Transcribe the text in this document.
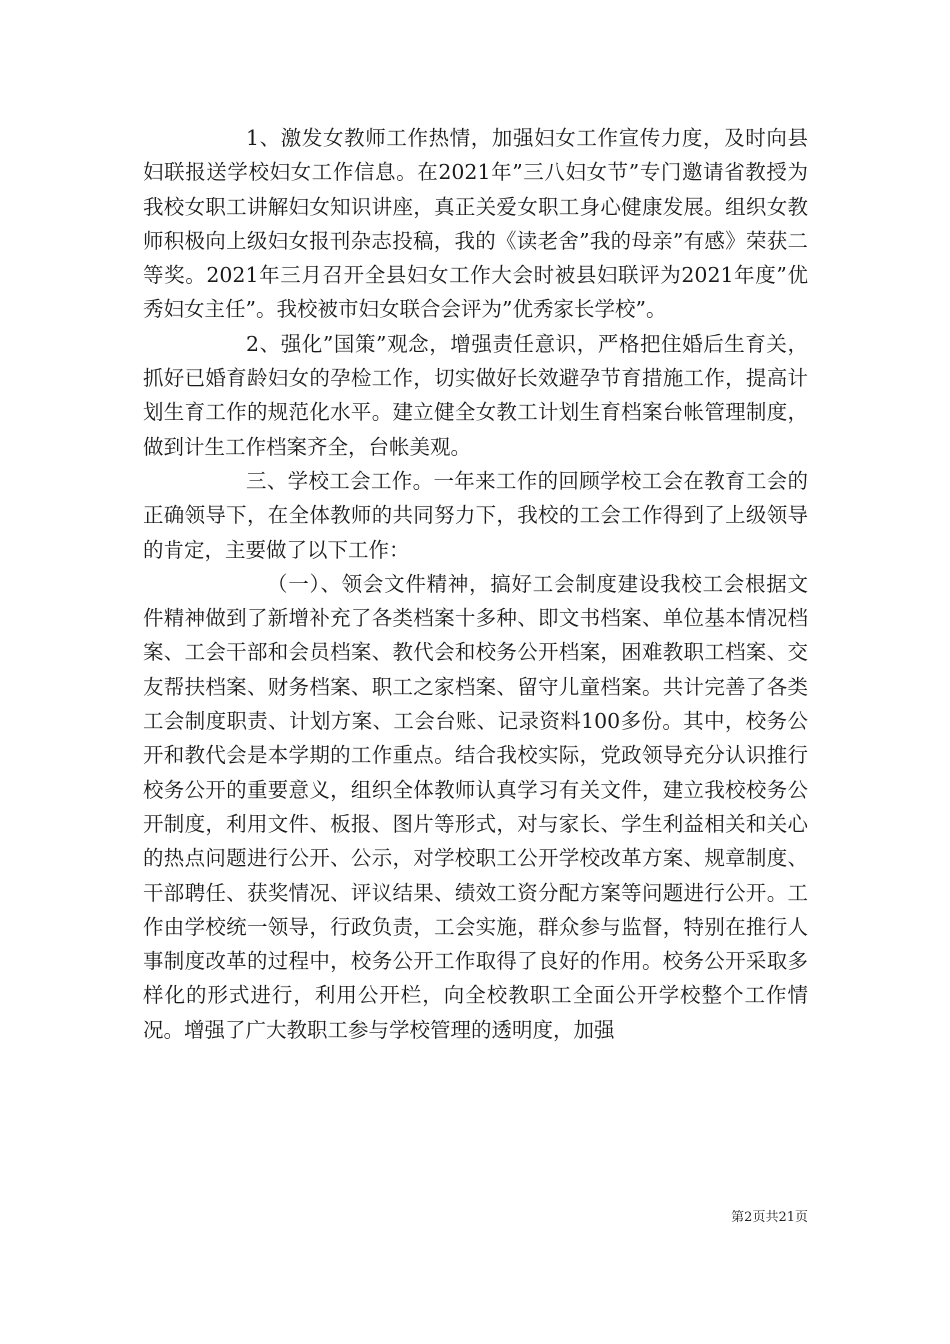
1、激发女教师工作热情，加强妇女工作宣传力度，及时向县妇联报送学校妇女工作信息。在2021年”三八妇女节”专门邀请省教授为我校女职工讲解妇女知识讲座，真正关爱女职工身心健康发展。组织女教师积极向上级妇女报刊杂志投稿，我的《读老舍”我的母亲”有感》荣获二等奖。2021年三月召开全县妇女工作大会时被县妇联评为2021年度”优秀妇女主任”。我校被市妇女联合会评为”优秀家长学校”。

2、强化”国策”观念，增强责任意识，严格把住婚后生育关，抓好已婚育龄妇女的孕检工作，切实做好长效避孕节育措施工作，提高计划生育工作的规范化水平。建立健全女教工计划生育档案台帐管理制度，做到计生工作档案齐全，台帐美观。

三、学校工会工作。一年来工作的回顾学校工会在教育工会的正确领导下，在全体教师的共同努力下，我校的工会工作得到了上级领导的肯定，主要做了以下工作：

（一）、领会文件精神，搞好工会制度建设我校工会根据文件精神做到了新增补充了各类档案十多种、即文书档案、单位基本情况档案、工会干部和会员档案、教代会和校务公开档案，困难教职工档案、交友帮扶档案、财务档案、职工之家档案、留守儿童档案。共计完善了各类工会制度职责、计划方案、工会台账、记录资料100多份。其中，校务公开和教代会是本学期的工作重点。结合我校实际，党政领导充分认识推行校务公开的重要意义，组织全体教师认真学习有关文件，建立我校校务公开制度，利用文件、板报、图片等形式，对与家长、学生利益相关和关心的热点问题进行公开、公示，对学校职工公开学校改革方案、规章制度、干部聘任、获奖情况、评议结果、绩效工资分配方案等问题进行公开。工作由学校统一领导，行政负责，工会实施，群众参与监督，特别在推行人事制度改革的过程中，校务公开工作取得了良好的作用。校务公开采取多样化的形式进行，利用公开栏，向全校教职工全面公开学校整个工作情况。增强了广大教职工参与学校管理的透明度，加强

第2页共21页
